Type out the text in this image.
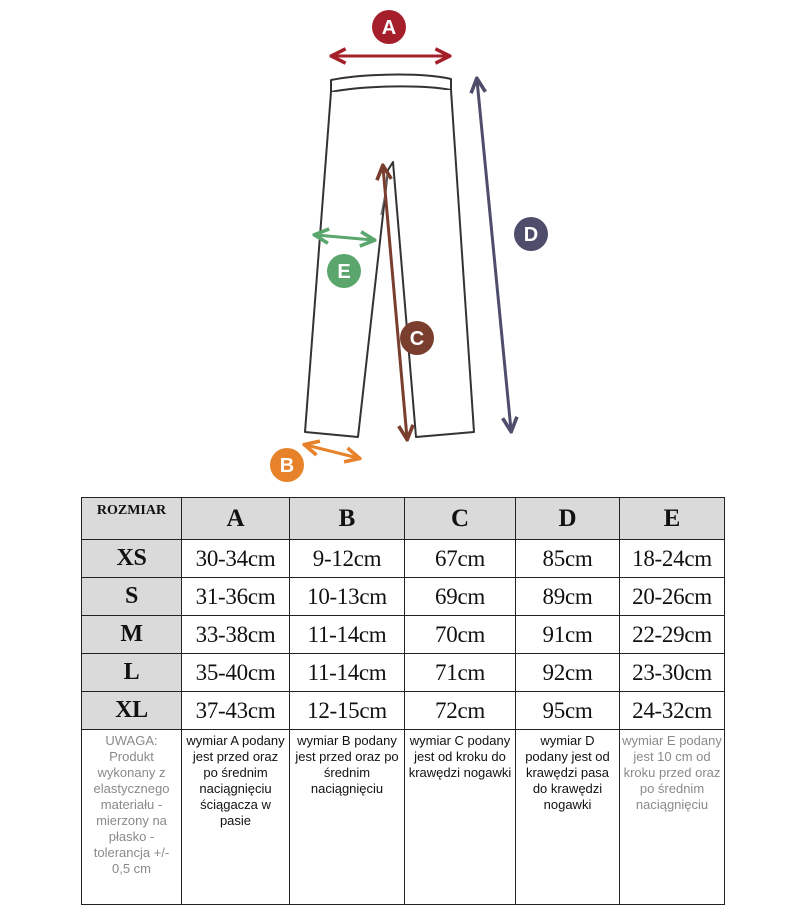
A
D
C
E
B
ROZMIAR	A	B	C	D	E
XS	30-34cm	9-12cm	67cm	85cm	18-24cm
S	31-36cm	10-13cm	69cm	89cm	20-26cm
M	33-38cm	11-14cm	70cm	91cm	22-29cm
L	35-40cm	11-14cm	71cm	92cm	23-30cm
XL	37-43cm	12-15cm	72cm	95cm	24-32cm
UWAGA: Produkt wykonany z elastycznego materiału - mierzony na płasko - tolerancja +/- 0,5 cm	wymiar A podany jest przed oraz po średnim naciągnięciu ściągacza w pasie	wymiar B podany jest przed oraz po średnim naciągnięciu	wymiar C podany jest od kroku do krawędzi nogawki	wymiar D podany jest od krawędzi pasa do krawędzi nogawki	wymiar E podany jest 10 cm od kroku przed oraz po średnim naciągnięciu
